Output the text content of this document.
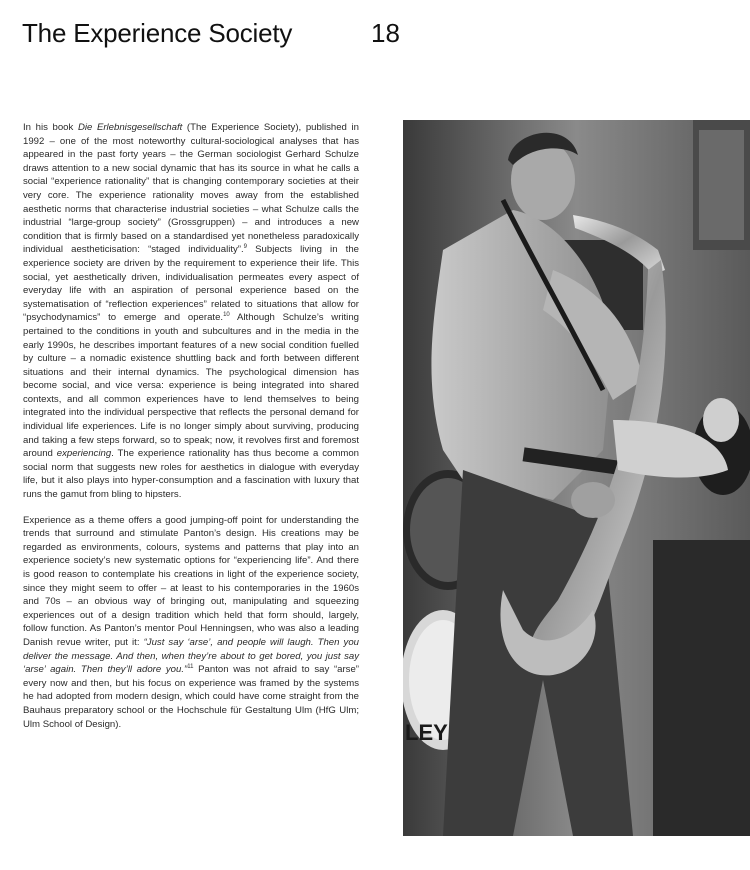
The Experience Society	18

In his book Die Erlebnisgesellschaft (The Experience Society), published in 1992 – one of the most noteworthy cultural-sociological analyses that has appeared in the past forty years – the German sociologist Gerhard Schulze draws attention to a new social dynamic that has its source in what he calls a social “experience rationality” that is changing contemporary societies at their very core. The experience rationality moves away from the established aesthetic norms that characterise industrial societies – what Schulze calls the industrial “large-group society” (Grossgruppen) – and introduces a new condition that is firmly based on a standardised yet nonetheless paradoxically individual aestheticisation: “staged individuality”.$^9$ Subjects living in the experience society are driven by the requirement to experience their life. This social, yet aesthetically driven, individualisation permeates every aspect of everyday life with an aspiration of personal experience based on the systematisation of “reflection experiences” related to situations that allow for “psychodynamics” to emerge and operate.$^{10}$ Although Schulze’s writing pertained to the conditions in youth and subcultures and in the media in the early 1990s, he describes important features of a new social condition fuelled by culture – a nomadic existence shuttling back and forth between different situations and their internal dynamics. The psychological dimension has become social, and vice versa: experience is being integrated into shared contexts, and all common experiences have to lend themselves to being integrated into the individual perspective that reflects the personal demand for individual life experiences. Life is no longer simply about surviving, producing and taking a few steps forward, so to speak; now, it revolves first and foremost around experiencing. The experience rationality has thus become a common social norm that suggests new roles for aesthetics in dialogue with everyday life, but it also plays into hyper-consumption and a fascination with luxury that runs the gamut from bling to hipsters.

Experience as a theme offers a good jumping-off point for understanding the trends that surround and stimulate Panton’s design. His creations may be regarded as environments, colours, systems and patterns that play into an experience society’s new systematic options for “experiencing life”. And there is good reason to contemplate his creations in light of the experience society, since they might seem to offer – at least to his contemporaries in the 1960s and 70s – an obvious way of bringing out, manipulating and squeezing experiences out of a design tradition which held that form should, largely, follow function. As Panton’s mentor Poul Henningsen, who was also a leading Danish revue writer, put it: “Just say ‘arse’, and people will laugh. Then you deliver the message. And then, when they’re about to get bored, you just say ‘arse’ again. Then they’ll adore you.”$^{11}$ Panton was not afraid to say “arse” every now and then, but his focus on experience was framed by the systems he had adopted from modern design, which could have come straight from the Bauhaus preparatory school or the Hochschule für Gestaltung Ulm (HfG Ulm; Ulm School of Design).	LEY
